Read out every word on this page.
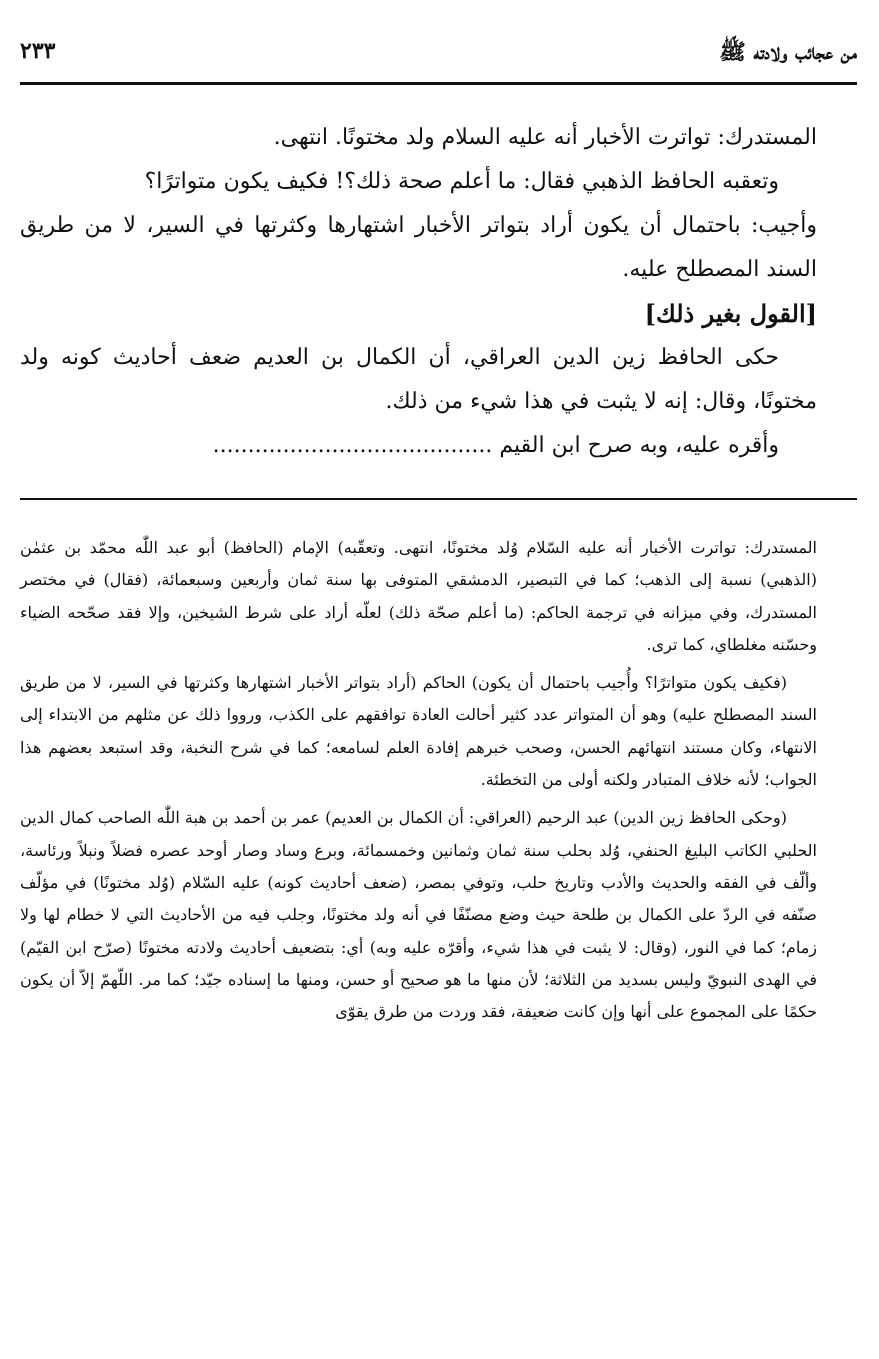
من عجائب ولادته ﷺ
٢٣٣

المستدرك: تواترت الأخبار أنه عليه السلام ولد مختونًا. انتهى.

وتعقبه الحافظ الذهبي فقال: ما أعلم صحة ذلك؟! فكيف يكون متواترًا؟

وأجيب: باحتمال أن يكون أراد بتواتر الأخبار اشتهارها وكثرتها في السير، لا من طريق السند المصطلح عليه.

[القول بغير ذلك]

حكى الحافظ زين الدين العراقي، أن الكمال بن العديم ضعف أحاديث كونه ولد مختونًا، وقال: إنه لا يثبت في هذا شيء من ذلك.

وأقره عليه، وبه صرح ابن القيم ........................................

المستدرك: تواترت الأخبار أنه عليه السّلام وُلد مختونًا، انتهى. وتعقّبه) الإمام (الحافظ) أبو عبد اللّٰه محمّد بن عثمٰن (الذهبي) نسبة إلى الذهب؛ كما في التبصير، الدمشقي المتوفى بها سنة ثمان وأربعين وسبعمائة، (فقال) في مختصر المستدرك، وفي ميزانه في ترجمة الحاكم: (ما أعلم صحّة ذلك) لعلّه أراد على شرط الشيخين، وإلا فقد صحّحه الضياء وحسّنه مغلطاي، كما ترى.

(فكيف يكون متواترًا؟ وأُجيب باحتمال أن يكون) الحاكم (أراد بتواتر الأخبار اشتهارها وكثرتها في السير، لا من طريق السند المصطلح عليه) وهو أن المتواتر عدد كثير أحالت العادة توافقهم على الكذب، ورووا ذلك عن مثلهم من الابتداء إلى الانتهاء، وكان مستند انتهائهم الحسن، وصحب خبرهم إفادة العلم لسامعه؛ كما في شرح النخبة، وقد استبعد بعضهم هذا الجواب؛ لأنه خلاف المتبادر ولكنه أولى من التخطئة.

(وحكى الحافظ زين الدين) عبد الرحيم (العراقي: أن الكمال بن العديم) عمر بن أحمد بن هبة اللّٰه الصاحب كمال الدين الحلبي الكاتب البليغ الحنفي، وُلد بحلب سنة ثمان وثمانين وخمسمائة، وبرع وساد وصار أوحد عصره فضلاً ونبلاً ورئاسة، وألّف في الفقه والحديث والأدب وتاريخ حلب، وتوفي بمصر، (ضعف أحاديث كونه) عليه السّلام (وُلد مختونًا) في مؤلّف صنّفه في الردّ على الكمال بن طلحة حيث وضع مصنّفًا في أنه ولد مختونًا، وجلب فيه من الأحاديث التي لا خطام لها ولا زمام؛ كما في النور، (وقال: لا يثبت في هذا شيء، وأقرّه عليه وبه) أي: بتضعيف أحاديث ولادته مختونًا (صرّح ابن القيّم) في الهدى النبويّ وليس بسديد من الثلاثة؛ لأن منها ما هو صحيح أو حسن، ومنها ما إسناده جيّد؛ كما مر. اللّهمّ إلاّ أن يكون حكمًا على المجموع على أنها وإن كانت ضعيفة، فقد وردت من طرق يقوّى
